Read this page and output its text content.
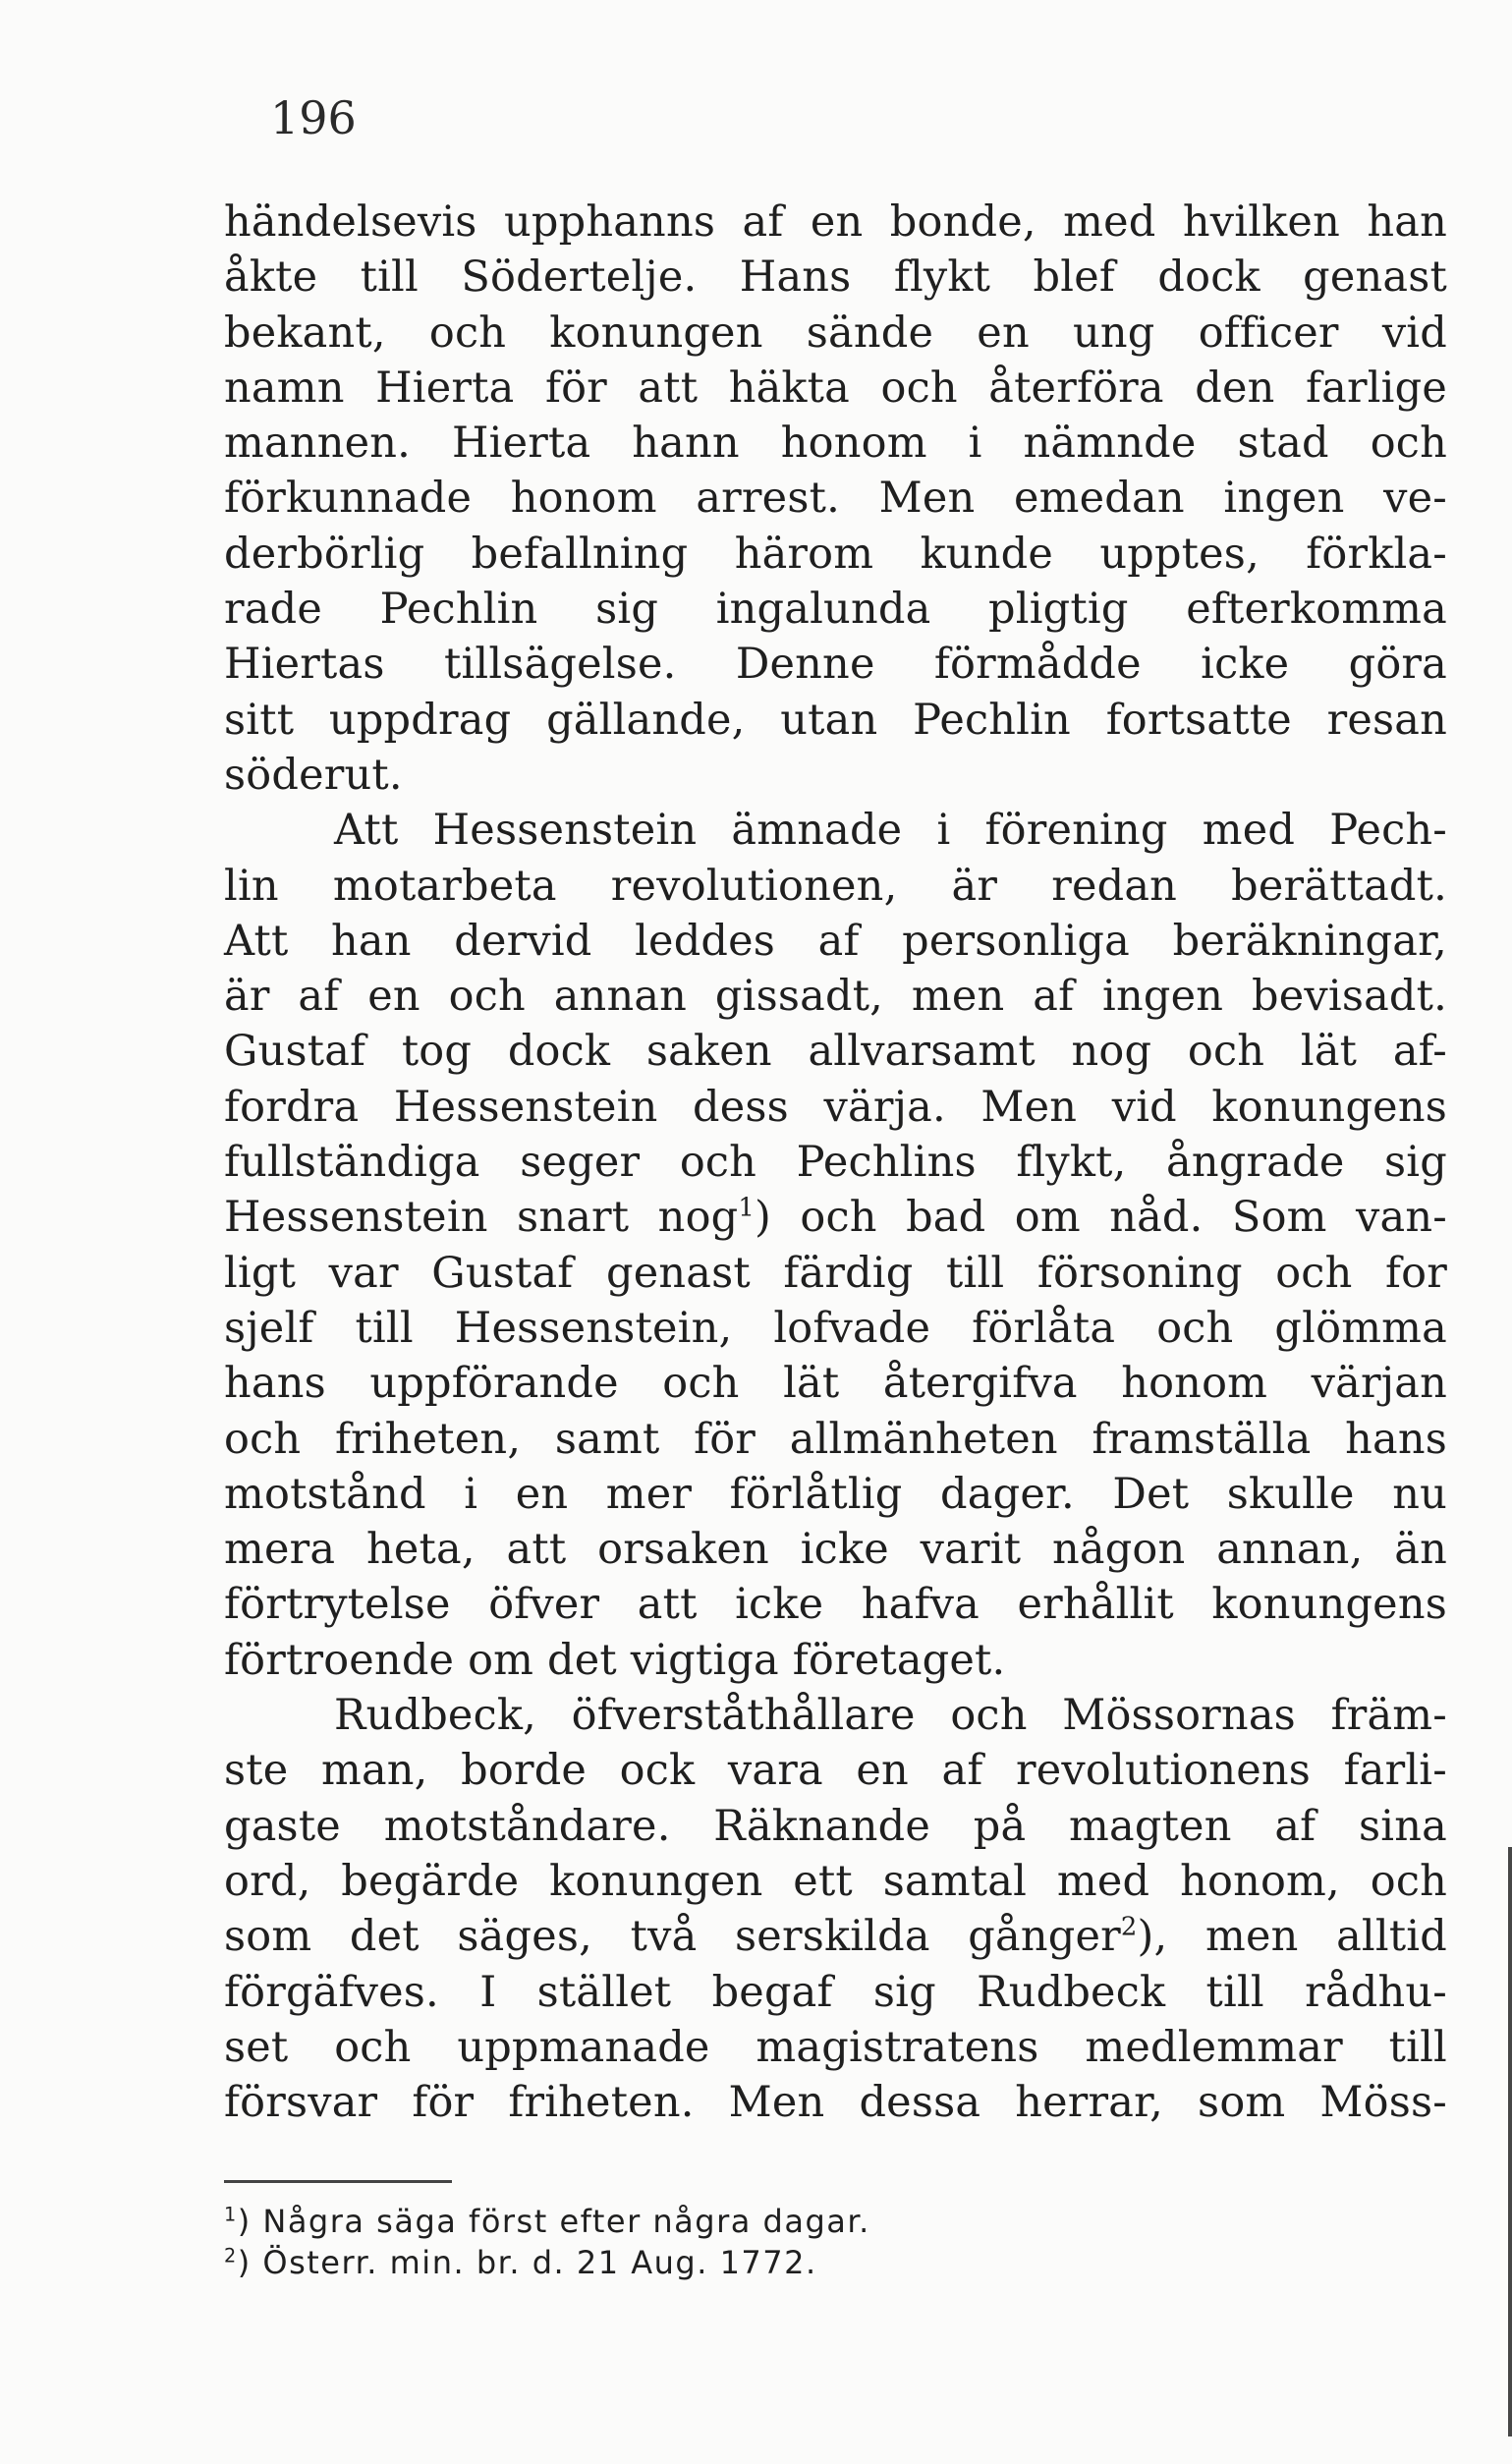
196
händelsevis upphanns af en bonde, med hvilken han
åkte till Södertelje. Hans flykt blef dock genast
bekant, och konungen sände en ung officer vid
namn Hierta för att häkta och återföra den farlige
mannen. Hierta hann honom i nämnde stad och
förkunnade honom arrest. Men emedan ingen ve-
derbörlig befallning härom kunde upptes, förkla-
rade Pechlin sig ingalunda pligtig efterkomma
Hiertas tillsägelse. Denne förmådde icke göra
sitt uppdrag gällande, utan Pechlin fortsatte resan
söderut.
Att Hessenstein ämnade i förening med Pech-
lin motarbeta revolutionen, är redan berättadt.
Att han dervid leddes af personliga beräkningar,
är af en och annan gissadt, men af ingen bevisadt.
Gustaf tog dock saken allvarsamt nog och lät af-
fordra Hessenstein dess värja. Men vid konungens
fullständiga seger och Pechlins flykt, ångrade sig
Hessenstein snart nog$^1$) och bad om nåd. Som van-
ligt var Gustaf genast färdig till försoning och for
sjelf till Hessenstein, lofvade förlåta och glömma
hans uppförande och lät återgifva honom värjan
och friheten, samt för allmänheten framställa hans
motstånd i en mer förlåtlig dager. Det skulle nu
mera heta, att orsaken icke varit någon annan, än
förtrytelse öfver att icke hafva erhållit konungens
förtroende om det vigtiga företaget.
Rudbeck, öfverståthållare och Mössornas främ-
ste man, borde ock vara en af revolutionens farli-
gaste motståndare. Räknande på magten af sina
ord, begärde konungen ett samtal med honom, och
som det säges, två serskilda gånger$^2$), men alltid
förgäfves. I stället begaf sig Rudbeck till rådhu-
set och uppmanade magistratens medlemmar till
försvar för friheten. Men dessa herrar, som Möss-
$^1$) Några säga först efter några dagar.
$^2$) Österr. min. br. d. 21 Aug. 1772.
